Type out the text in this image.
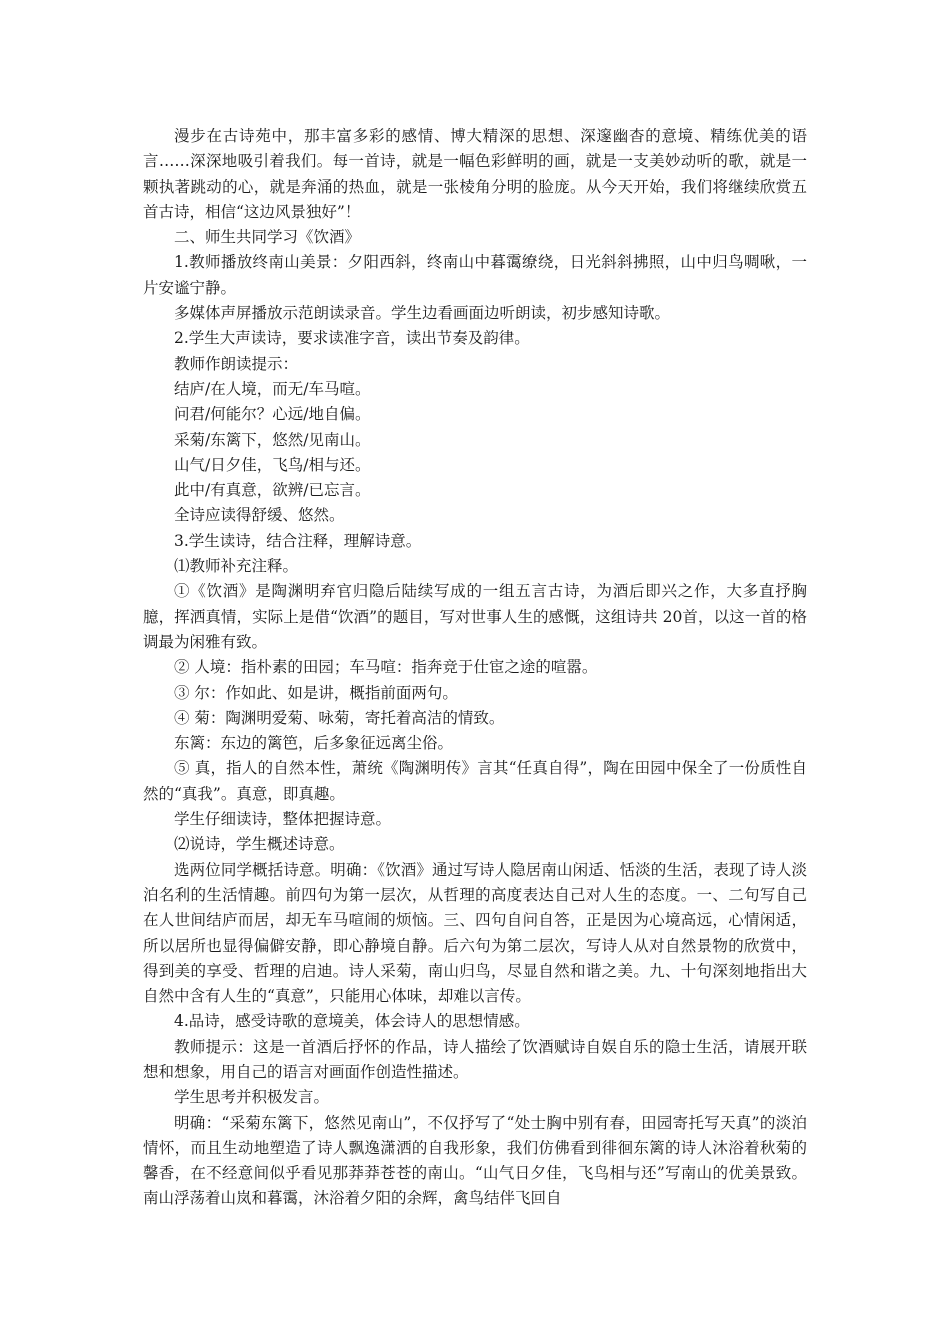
漫步在古诗苑中，那丰富多彩的感情、博大精深的思想、深邃幽杳的意境、精练优美的语言……深深地吸引着我们。每一首诗，就是一幅色彩鲜明的画，就是一支美妙动听的歌，就是一颗执著跳动的心，就是奔涌的热血，就是一张棱角分明的脸庞。从今天开始，我们将继续欣赏五首古诗，相信“这边风景独好”！

二、师生共同学习《饮酒》

1.教师播放终南山美景：夕阳西斜，终南山中暮霭缭绕，日光斜斜拂照，山中归鸟啁啾，一片安谧宁静。

多媒体声屏播放示范朗读录音。学生边看画面边听朗读，初步感知诗歌。

2.学生大声读诗，要求读准字音，读出节奏及韵律。

教师作朗读提示：

结庐/在人境，而无/车马喧。

问君/何能尔？心远/地自偏。

采菊/东篱下，悠然/见南山。

山气/日夕佳，飞鸟/相与还。

此中/有真意，欲辨/已忘言。

全诗应读得舒缓、悠然。

3.学生读诗，结合注释，理解诗意。

⑴教师补充注释。

①《饮酒》是陶渊明弃官归隐后陆续写成的一组五言古诗，为酒后即兴之作，大多直抒胸臆，挥洒真情，实际上是借“饮酒”的题目，写对世事人生的感慨，这组诗共 20首，以这一首的格调最为闲雅有致。

② 人境：指朴素的田园；车马喧：指奔竞于仕宦之途的喧嚣。

③ 尔：作如此、如是讲，概指前面两句。

④ 菊：陶渊明爱菊、咏菊，寄托着高洁的情致。

东篱：东边的篱笆，后多象征远离尘俗。

⑤ 真，指人的自然本性，萧统《陶渊明传》言其“任真自得”，陶在田园中保全了一份质性自然的“真我”。真意，即真趣。

学生仔细读诗，整体把握诗意。

⑵说诗，学生概述诗意。

选两位同学概括诗意。明确：《饮酒》通过写诗人隐居南山闲适、恬淡的生活，表现了诗人淡泊名利的生活情趣。前四句为第一层次，从哲理的高度表达自己对人生的态度。一、二句写自己在人世间结庐而居，却无车马喧闹的烦恼。三、四句自问自答，正是因为心境高远，心情闲适，所以居所也显得偏僻安静，即心静境自静。后六句为第二层次，写诗人从对自然景物的欣赏中，得到美的享受、哲理的启迪。诗人采菊，南山归鸟，尽显自然和谐之美。九、十句深刻地指出大自然中含有人生的“真意”，只能用心体味，却难以言传。

4.品诗，感受诗歌的意境美，体会诗人的思想情感。

教师提示：这是一首酒后抒怀的作品，诗人描绘了饮酒赋诗自娱自乐的隐士生活，请展开联想和想象，用自己的语言对画面作创造性描述。

学生思考并积极发言。

明确：“采菊东篱下，悠然见南山”，不仅抒写了“处士胸中别有春，田园寄托写天真”的淡泊情怀，而且生动地塑造了诗人飘逸潇洒的自我形象，我们仿佛看到徘徊东篱的诗人沐浴着秋菊的馨香，在不经意间似乎看见那莽莽苍苍的南山。“山气日夕佳，飞鸟相与还”写南山的优美景致。南山浮荡着山岚和暮霭，沐浴着夕阳的余辉，禽鸟结伴飞回自
